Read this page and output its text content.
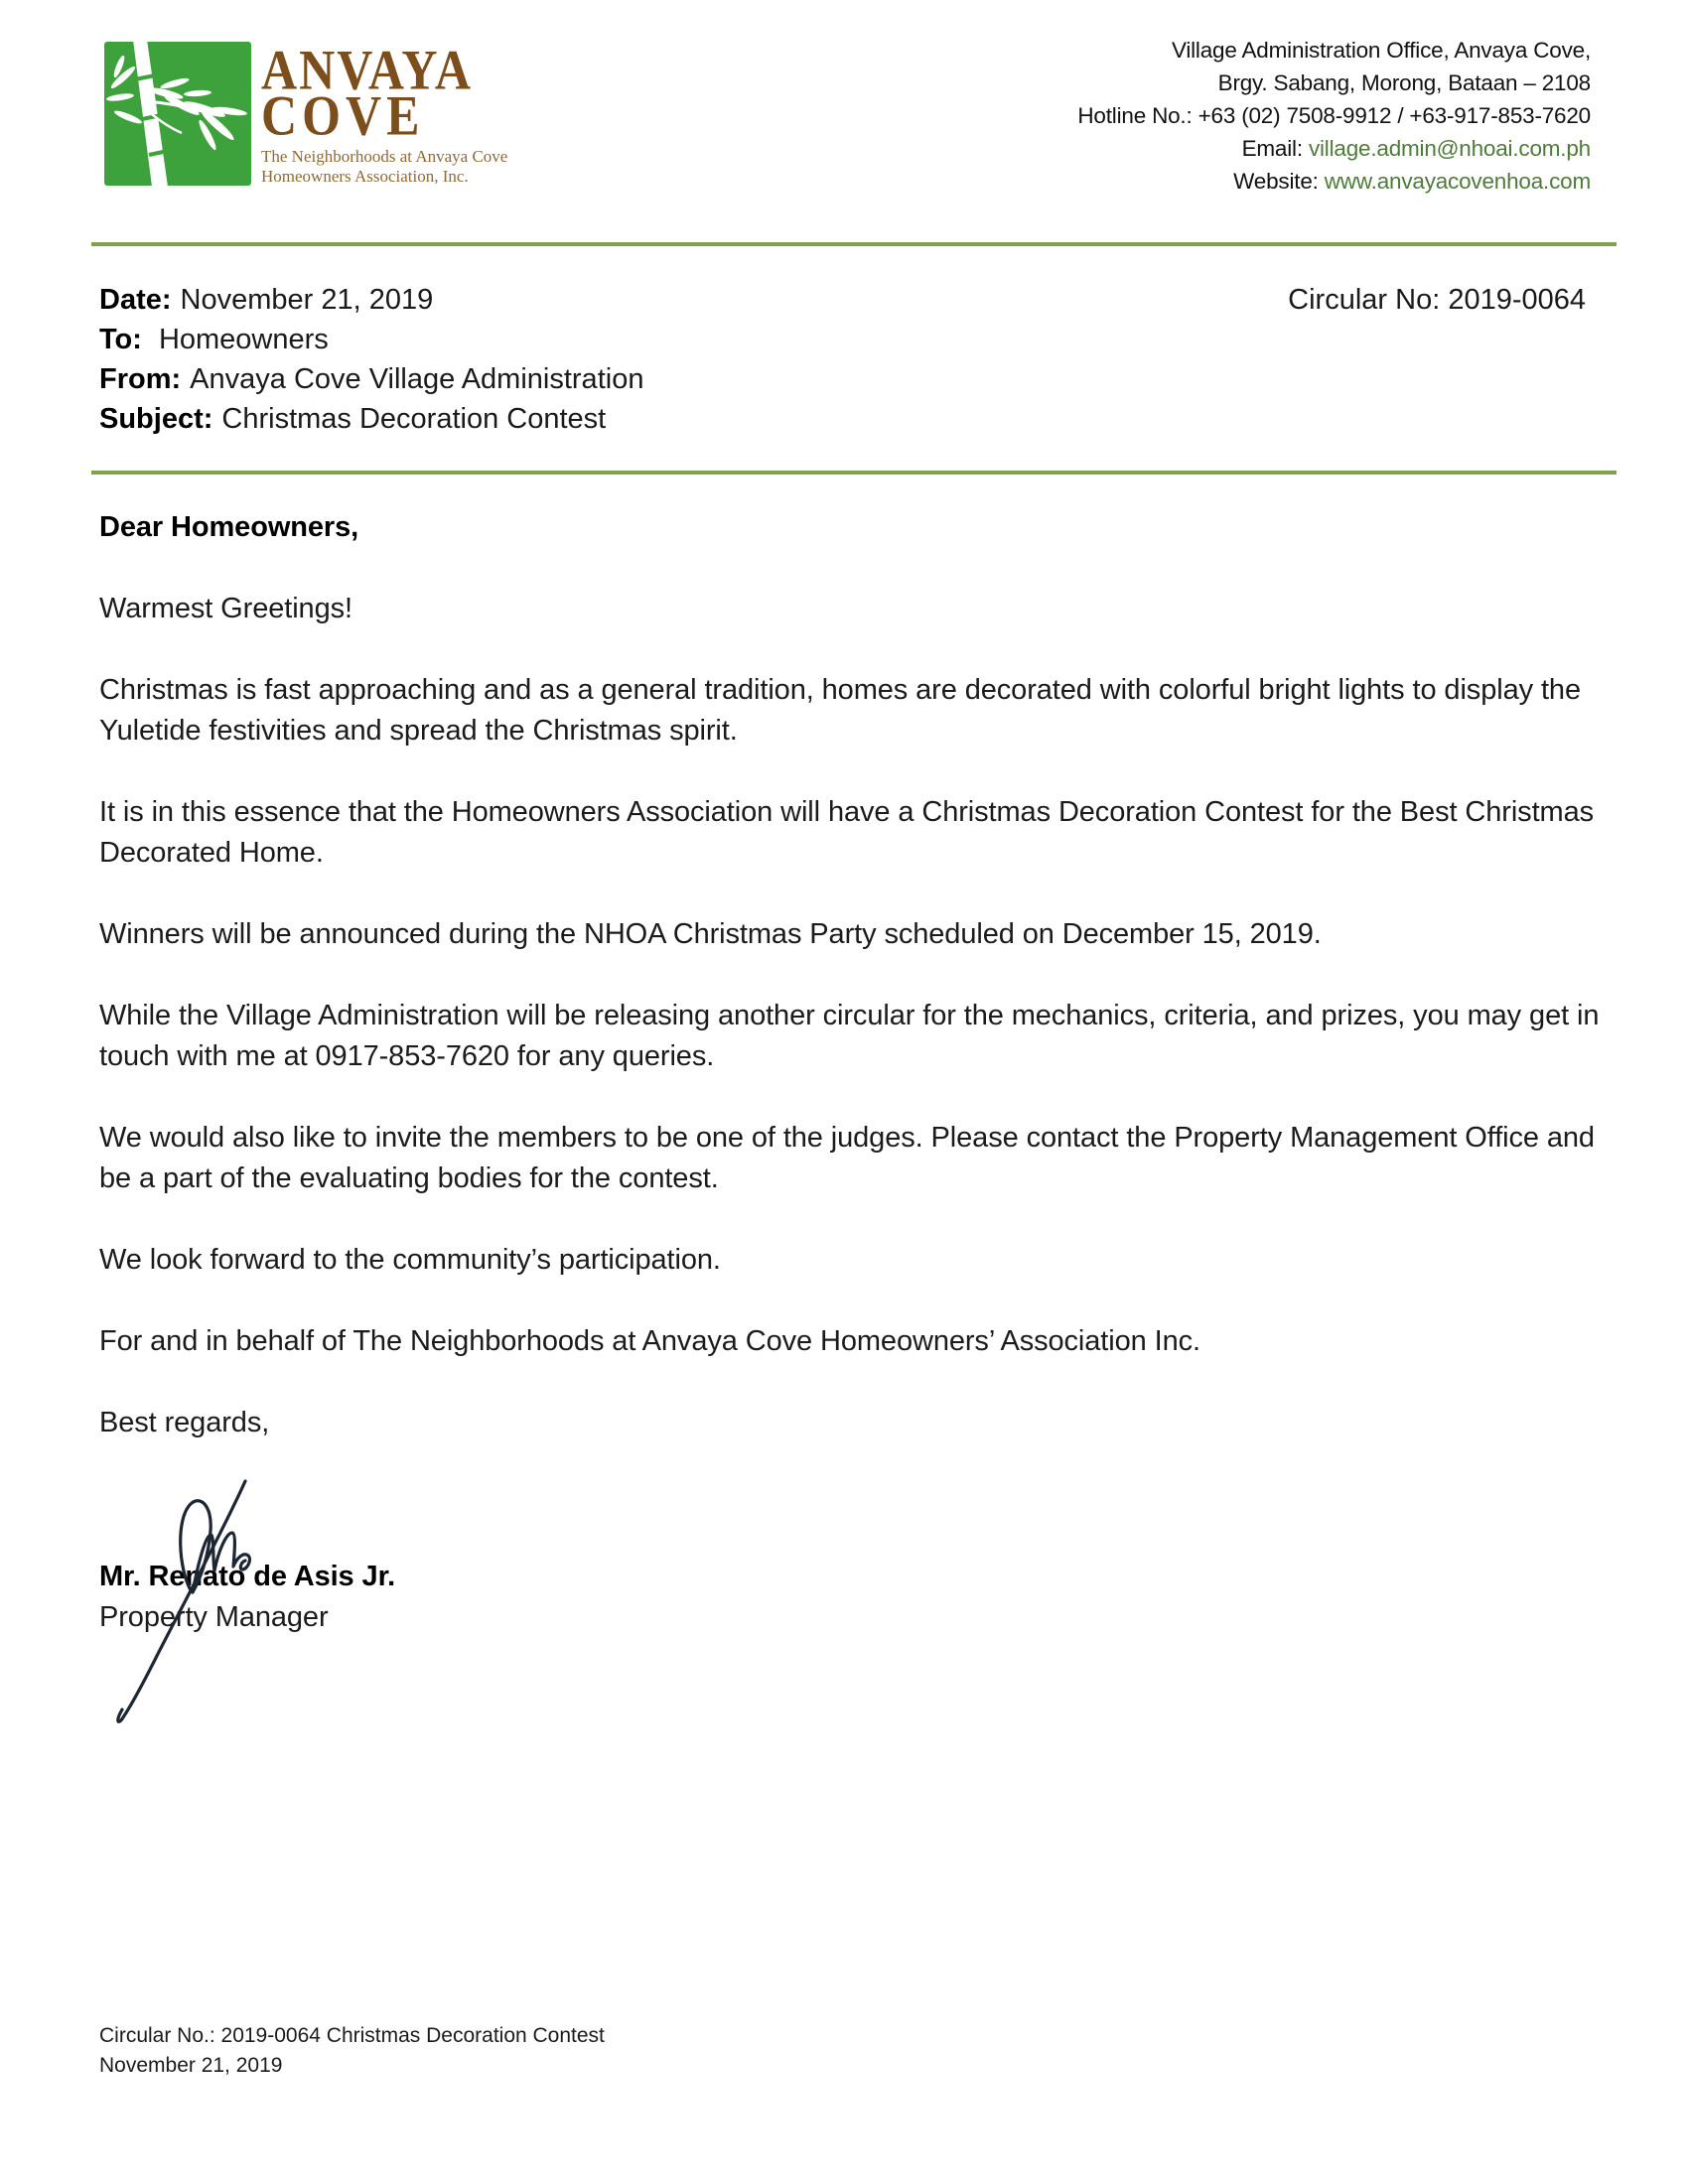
ANVAYA
COVE
The Neighborhoods at Anvaya Cove
Homeowners Association, Inc.
Village Administration Office, Anvaya Cove,
Brgy. Sabang, Morong, Bataan – 2108
Hotline No.: +63 (02) 7508-9912 / +63-917-853-7620
Email: village.admin@nhoai.com.ph
Website: www.anvayacovenhoa.com
Date: November 21, 2019
To: Homeowners
From: Anvaya Cove Village Administration
Subject: Christmas Decoration Contest
Circular No: 2019-0064

Dear Homeowners,

Warmest Greetings!

Christmas is fast approaching and as a general tradition, homes are decorated with colorful bright lights to display the Yuletide festivities and spread the Christmas spirit.

It is in this essence that the Homeowners Association will have a Christmas Decoration Contest for the Best Christmas Decorated Home.

Winners will be announced during the NHOA Christmas Party scheduled on December 15, 2019.

While the Village Administration will be releasing another circular for the mechanics, criteria, and prizes, you may get in touch with me at 0917-853-7620 for any queries.

We would also like to invite the members to be one of the judges. Please contact the Property Management Office and be a part of the evaluating bodies for the contest.

We look forward to the community’s participation.

For and in behalf of The Neighborhoods at Anvaya Cove Homeowners’ Association Inc.

Best regards,

Mr. Renato de Asis Jr.

Property Manager

Circular No.: 2019-0064 Christmas Decoration Contest
November 21, 2019
